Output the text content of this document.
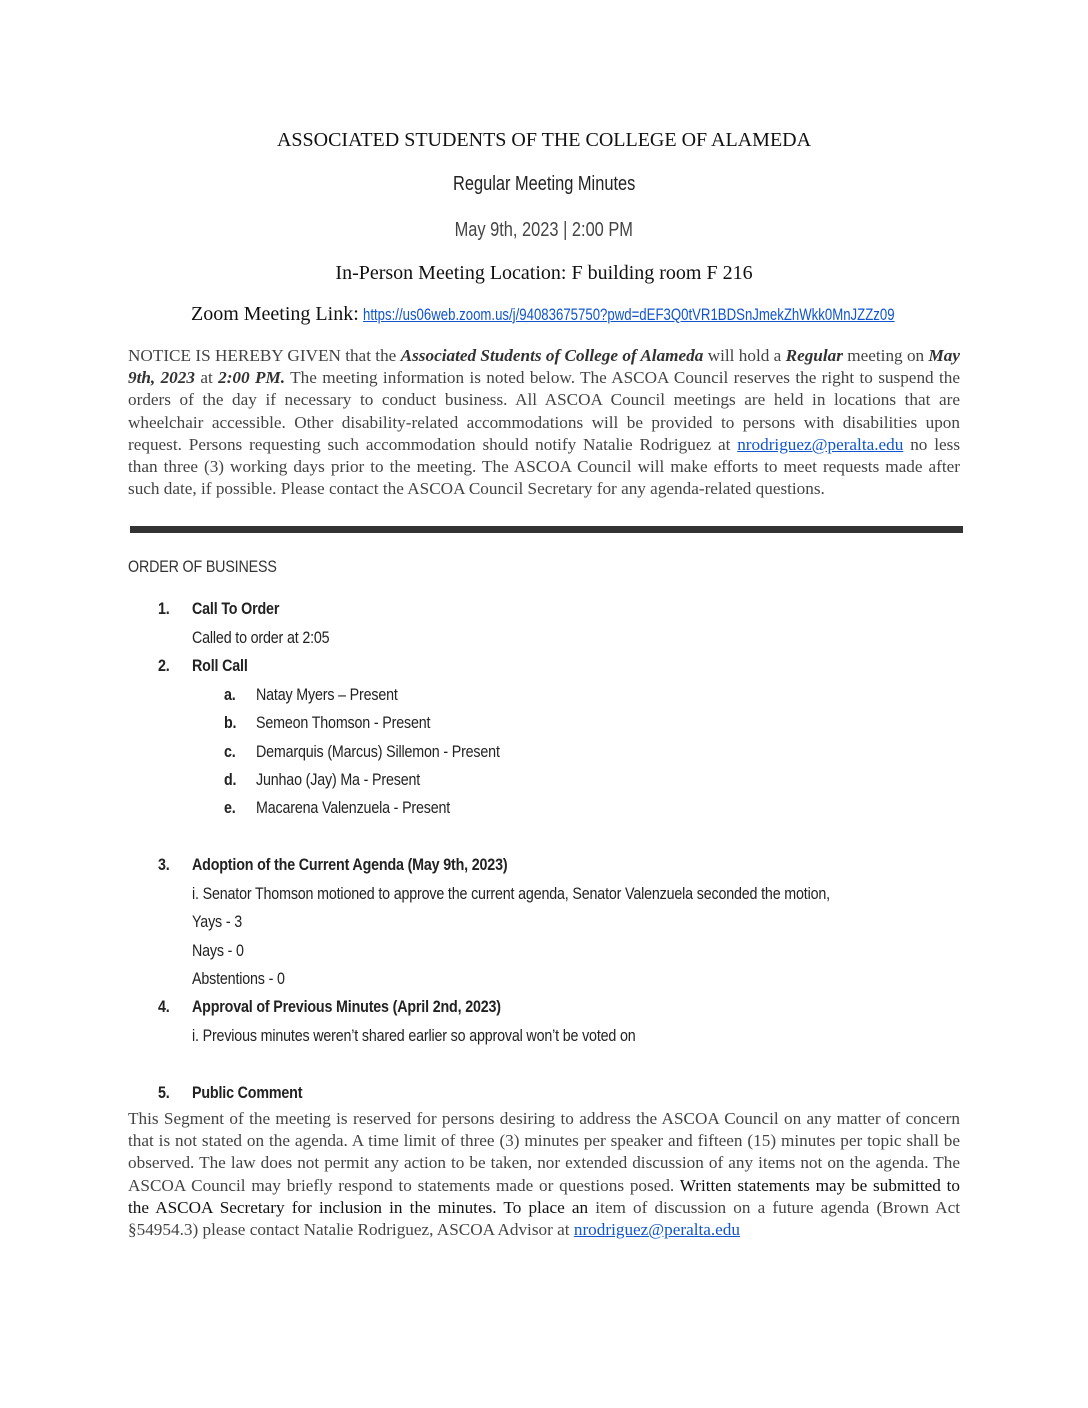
ASSOCIATED STUDENTS OF THE COLLEGE OF ALAMEDA
Regular Meeting Minutes
May 9th, 2023 | 2:00 PM
In-Person Meeting Location: F building room F 216
Zoom Meeting Link: https://us06web.zoom.us/j/94083675750?pwd=dEF3Q0tVR1BDSnJmekZhWkk0MnJZZz09
NOTICE IS HEREBY GIVEN that the Associated Students of College of Alameda will hold a Regular meeting on May 9th, 2023 at 2:00 PM. The meeting information is noted below. The ASCOA Council reserves the right to suspend the orders of the day if necessary to conduct business. All ASCOA Council meetings are held in locations that are wheelchair accessible. Other disability-related accommodations will be provided to persons with disabilities upon request. Persons requesting such accommodation should notify Natalie Rodriguez at nrodriguez@peralta.edu no less than three (3) working days prior to the meeting. The ASCOA Council will make efforts to meet requests made after such date, if possible. Please contact the ASCOA Council Secretary for any agenda-related questions.
ORDER OF BUSINESS
1. Call To Order
Called to order at 2:05
2. Roll Call
a. Natay Myers – Present
b. Semeon Thomson - Present
c. Demarquis (Marcus) Sillemon - Present
d. Junhao (Jay) Ma - Present
e. Macarena Valenzuela - Present
3. Adoption of the Current Agenda (May 9th, 2023)
i. Senator Thomson motioned to approve the current agenda, Senator Valenzuela seconded the motion,
Yays - 3
Nays - 0
Abstentions - 0
4. Approval of Previous Minutes (April 2nd, 2023)
i. Previous minutes weren’t shared earlier so approval won’t be voted on
5. Public Comment
This Segment of the meeting is reserved for persons desiring to address the ASCOA Council on any matter of concern that is not stated on the agenda. A time limit of three (3) minutes per speaker and fifteen (15) minutes per topic shall be observed. The law does not permit any action to be taken, nor extended discussion of any items not on the agenda. The ASCOA Council may briefly respond to statements made or questions posed. Written statements may be submitted to the ASCOA Secretary for inclusion in the minutes. To place an item of discussion on a future agenda (Brown Act §54954.3) please contact Natalie Rodriguez, ASCOA Advisor at nrodriguez@peralta.edu
